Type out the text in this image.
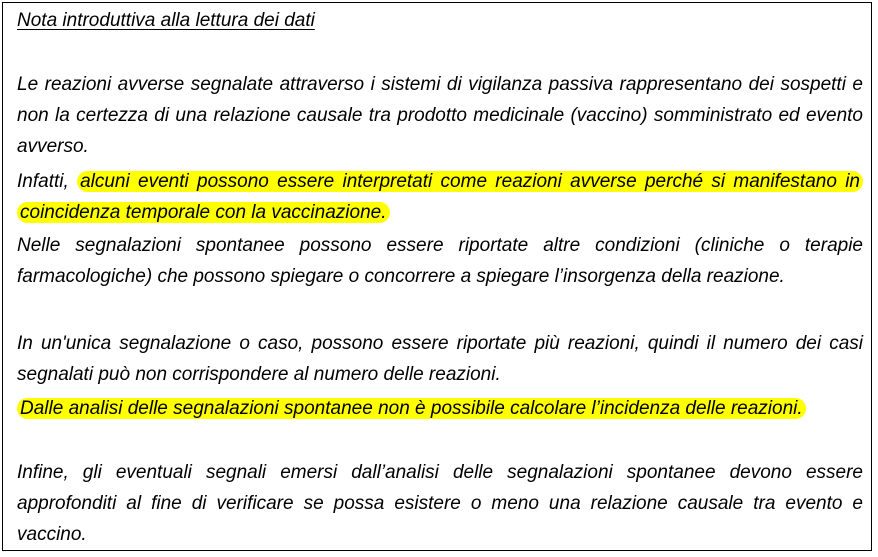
Nota introduttiva alla lettura dei dati

Le reazioni avverse segnalate attraverso i sistemi di vigilanza passiva rappresentano dei sospetti e non la certezza di una relazione causale tra prodotto medicinale (vaccino) somministrato ed evento avverso.

Infatti, alcuni eventi possono essere interpretati come reazioni avverse perché si manifestano in coincidenza temporale con la vaccinazione.

Nelle segnalazioni spontanee possono essere riportate altre condizioni (cliniche o terapie farmacologiche) che possono spiegare o concorrere a spiegare l’insorgenza della reazione.

In un'unica segnalazione o caso, possono essere riportate più reazioni, quindi il numero dei casi segnalati può non corrispondere al numero delle reazioni.

Dalle analisi delle segnalazioni spontanee non è possibile calcolare l’incidenza delle reazioni.

Infine, gli eventuali segnali emersi dall’analisi delle segnalazioni spontanee devono essere approfonditi al fine di verificare se possa esistere o meno una relazione causale tra evento e vaccino.
